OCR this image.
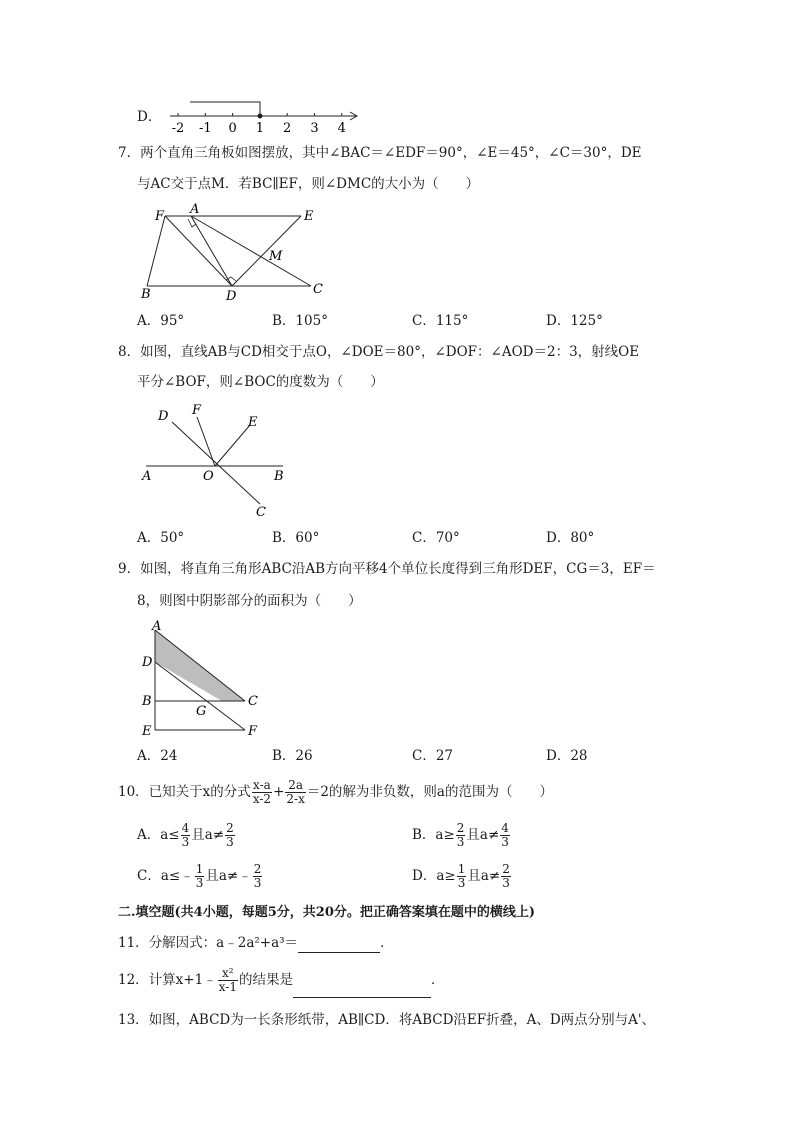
D．
-2 -1 0 1 2 3 4
7．两个直角三角板如图摆放，其中∠BAC＝∠EDF＝90°，∠E＝45°，∠C＝30°，DE
与AC交于点M．若BC∥EF，则∠DMC的大小为（　　）
F A	E
M
B	D	C
A．95°	B．105°	C．115°	D．125°
8．如图，直线AB与CD相交于点O，∠DOE＝80°，∠DOF：∠AOD＝2：3，射线OE
平分∠BOF，则∠BOC的度数为（　　）
D F
E
A	O	B
C
A．50°	B．60°	C．70°	D．80°
9．如图，将直角三角形ABC沿AB方向平移4个单位长度得到三角形DEF，CG＝3，EF＝
8，则图中阴影部分的面积为（　　）
A
D
B	C
G
E	F
A．24	B．26	C．27	D．28
10．已知关于x的分式 $\frac{x-a}{x-2} + \frac{2a}{2-x} =2$的解为非负数，则a的范围为（　　）
A．$a\le \frac{4}{3}$ 且$a\ne \frac{2}{3}$	B．$a\ge \frac{2}{3}$ 且$a\ne \frac{4}{3}$
C．a≤﹣ $\frac{1}{3}$ 且a≠﹣ $\frac{2}{3}$	D．$a\ge \frac{1}{3}$ 且$a\ne \frac{2}{3}$
二.填空题(共4小题，每题5分，共20分。把正确答案填在题中的横线上)
11．分解因式：a﹣2a²+a³＝	．
12．计算x+1﹣ $\frac{\text{x²}}{x-1}$ 的结果是	．
13．如图，ABCD为一长条形纸带，AB∥CD．将ABCD沿EF折叠，A、D两点分别与A'、
